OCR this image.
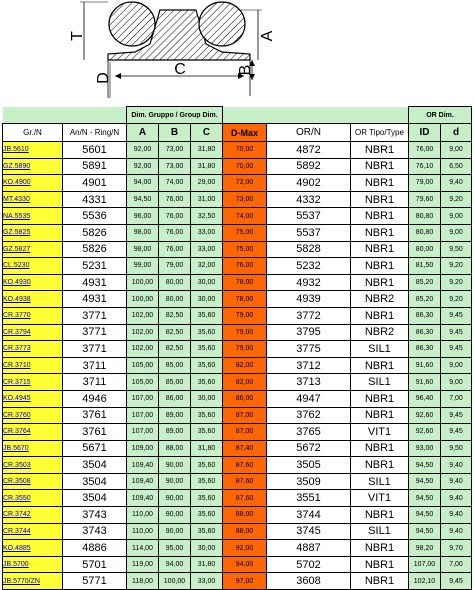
T
D	C
A
B
		Dim. Gruppo / Group Dim.						OR Dim.	
Gr./N	An/N - Ring/N	A	B	C	D-Max	OR/N	OR Tipo/Type	ID	d
JB.5610	5601	92,00	73,00	31,80	70,00	4872	NBR1	76,00	9,00
GZ.5890	5891	92,00	73,00	31,80	70,00	5892	NBR1	76,10	6,50
KO.4900	4901	94,00	74,00	29,00	72,00	4902	NBR1	79,00	9,40
MT.4330	4331	94,50	76,00	31,00	73,00	4332	NBR1	79,60	9,20
NA.5535	5536	96,00	76,00	32,50	74,00	5537	NBR1	80,80	9,00
GZ.5825	5826	98,00	76,00	33,00	75,00	5537	NBR1	80,80	9,00
GZ.5827	5826	98,00	76,00	33,00	75,00	5828	NBR1	80,00	9,50
CL.5230	5231	99,00	79,00	32,00	76,00	5232	NBR1	81,50	9,20
KO.4930	4931	100,00	80,00	30,00	78,00	4932	NBR1	85,20	9,20
KO.4938	4931	100,00	80,00	30,00	78,00	4939	NBR2	85,20	9,20
CR.3770	3771	102,00	82,50	35,60	79,00	3772	NBR1	86,30	9,45
CR.3794	3771	102,00	82,50	35,60	79,00	3795	NBR2	86,30	9,45
CR.3773	3771	102,00	82,50	35,60	79,00	3775	SIL1	86,30	9,45
CR.3710	3711	105,00	85,00	35,60	82,00	3712	NBR1	91,60	9,00
CR.3715	3711	105,00	85,00	35,60	82,00	3713	SIL1	91,60	9,00
KO.4945	4946	107,00	86,00	30,00	86,00	4947	NBR1	96,40	7,00
CR.3760	3761	107,00	89,00	35,60	87,00	3762	NBR1	92,60	9,45
CR.3764	3761	107,00	89,00	35,60	87,00	3765	VIT1	92,60	9,45
JB.5670	5671	109,00	88,00	31,80	87,40	5672	NBR1	93,00	9,50
CR.3503	3504	109,40	90,00	35,60	87,60	3505	NBR1	94,50	9,40
CR.3508	3504	109,40	90,00	35,60	87,60	3509	SIL1	94,50	9,40
CR.3550	3504	109,40	90,00	35,60	87,60	3551	VIT1	94,50	9,40
CR.3742	3743	110,00	90,00	35,60	88,00	3744	NBR1	94,50	9,40
CR.3744	3743	110,00	90,00	35,60	88,00	3745	SIL1	94,50	9,40
KO.4885	4886	114,00	95,00	30,00	92,00	4887	NBR1	98,20	9,70
JB.5700	5701	119,00	94,00	31,80	94,00	5702	NBR1	107,00	7,00
JB.5770/ZN	5771	118,00	100,00	33,00	97,00	3608	NBR1	102,10	9,45
